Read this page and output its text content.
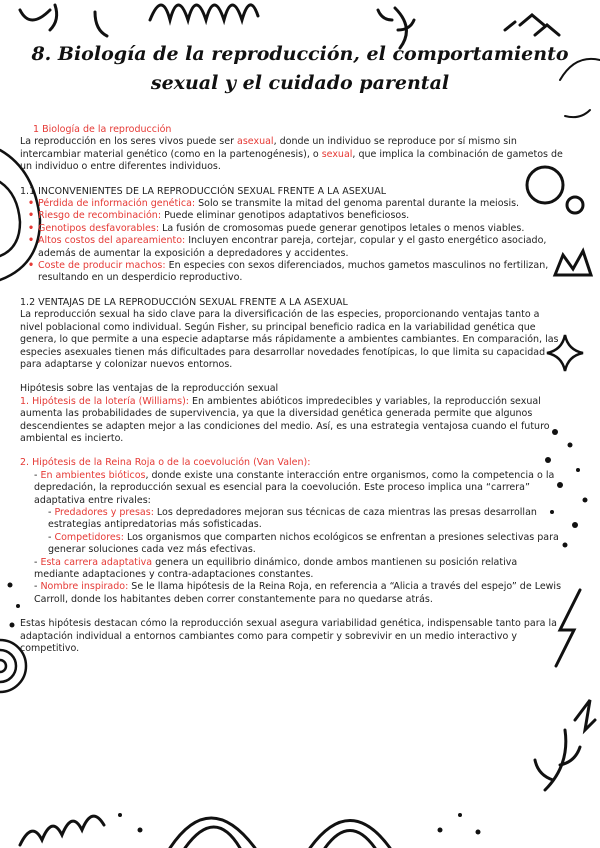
8. Biología de la reproducción, el comportamiento sexual y el cuidado parental

1 Biología de la reproducción

La reproducción en los seres vivos puede ser asexual, donde un individuo se reproduce por sí mismo sin intercambiar material genético (como en la partenogénesis), o sexual, que implica la combinación de gametos de un individuo o entre diferentes individuos.

1.1 INCONVENIENTES DE LA REPRODUCCIÓN SEXUAL FRENTE A LA ASEXUAL

• Pérdida de información genética: Solo se transmite la mitad del genoma parental durante la meiosis.
• Riesgo de recombinación: Puede eliminar genotipos adaptativos beneficiosos.
• Genotipos desfavorables: La fusión de cromosomas puede generar genotipos letales o menos viables.
• Altos costos del apareamiento: Incluyen encontrar pareja, cortejar, copular y el gasto energético asociado, además de aumentar la exposición a depredadores y accidentes.
• Coste de producir machos: En especies con sexos diferenciados, muchos gametos masculinos no fertilizan, resultando en un desperdicio reproductivo.

1.2 VENTAJAS DE LA REPRODUCCIÓN SEXUAL FRENTE A LA ASEXUAL

La reproducción sexual ha sido clave para la diversificación de las especies, proporcionando ventajas tanto a nivel poblacional como individual. Según Fisher, su principal beneficio radica en la variabilidad genética que genera, lo que permite a una especie adaptarse más rápidamente a ambientes cambiantes. En comparación, las especies asexuales tienen más dificultades para desarrollar novedades fenotípicas, lo que limita su capacidad para adaptarse y colonizar nuevos entornos.

Hipótesis sobre las ventajas de la reproducción sexual

1. Hipótesis de la lotería (Williams): En ambientes abióticos impredecibles y variables, la reproducción sexual aumenta las probabilidades de supervivencia, ya que la diversidad genética generada permite que algunos descendientes se adapten mejor a las condiciones del medio. Así, es una estrategia ventajosa cuando el futuro ambiental es incierto.

2. Hipótesis de la Reina Roja o de la coevolución (Van Valen):

- En ambientes bióticos, donde existe una constante interacción entre organismos, como la competencia o la depredación, la reproducción sexual es esencial para la coevolución. Este proceso implica una “carrera” adaptativa entre rivales:

- Predadores y presas: Los depredadores mejoran sus técnicas de caza mientras las presas desarrollan estrategias antipredatorias más sofisticadas.

- Competidores: Los organismos que comparten nichos ecológicos se enfrentan a presiones selectivas para generar soluciones cada vez más efectivas.

- Esta carrera adaptativa genera un equilibrio dinámico, donde ambos mantienen su posición relativa mediante adaptaciones y contra-adaptaciones constantes.

- Nombre inspirado: Se le llama hipótesis de la Reina Roja, en referencia a “Alicia a través del espejo” de Lewis Carroll, donde los habitantes deben correr constantemente para no quedarse atrás.

Estas hipótesis destacan cómo la reproducción sexual asegura variabilidad genética, indispensable tanto para la adaptación individual a entornos cambiantes como para competir y sobrevivir en un medio interactivo y competitivo.
